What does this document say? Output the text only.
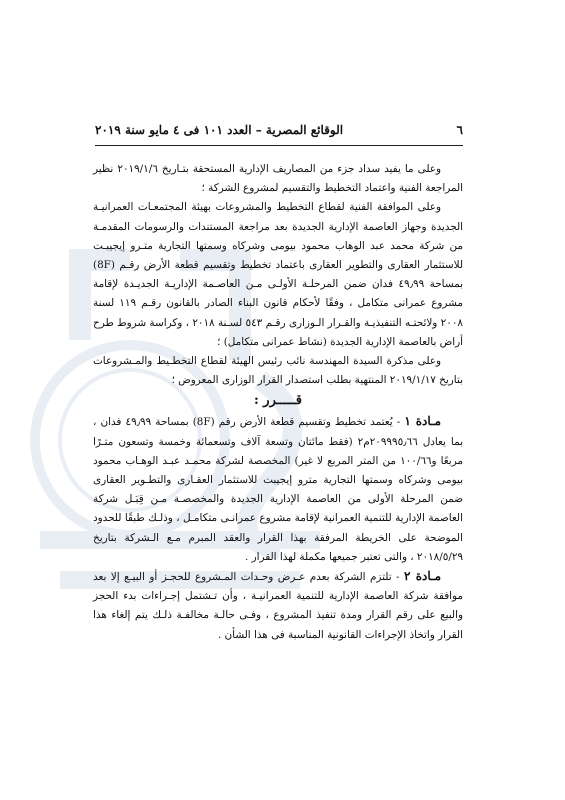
٦
الوقائع المصرية – العدد ١٠١ فى ٤ مايو سنة ٢٠١٩

وعلى ما يفيد سداد جزء من المصاريف الإدارية المستحقة بتـاريخ ٢٠١٩/١/٦ نظير المراجعة الفنية واعتماد التخطيط والتقسيم لمشروع الشركة ؛

وعلى الموافقة الفنية لقطاع التخطيط والمشروعات بهيئة المجتمعـات العمرانيـة الجديدة وجهاز العاصمة الإدارية الجديدة بعد مراجعة المستندات والرسومات المقدمـة من شركة محمد عبد الوهاب محمود بيومى وشركاه وسمتها التجارية متـرو إيجيبـت للاستثمار العقارى والتطوير العقارى باعتماد تخطيط وتقسيم قطعة الأرض رقـم (8F) بمساحة ٤٩٫٩٩ فدان ضمن المرحلـة الأولـى مـن العاصـمة الإداريـة الجديـدة لإقامة مشروع عمرانى متكامل ، وفقًا لأحكام قانون البناء الصادر بالقانون رقـم ١١٩ لسنة ٢٠٠٨ ولائحتـه التنفيذيـة والقـرار الـوزارى رقـم ٥٤٣ لسـنة ٢٠١٨ ، وكراسة شروط طرح أراض بالعاصمة الإدارية الجديدة (نشاط عمرانى متكامل) ؛

وعلى مذكرة السيدة المهندسة نائب رئيس الهيئة لقطاع التخطـيط والمـشروعات بتاريخ ٢٠١٩/١/١٧ المنتهية بطلب استصدار القرار الوزارى المعروض ؛

قـــــرر :

مـادة ١ - يُعتمد تخطيط وتقسيم قطعة الأرض رقم (8F) بمساحة ٤٩٫٩٩ فدان ، بما يعادل ٢٠٩٩٩٥٫٦٦م٢ (فقط مائتان وتسعة آلاف وتسعمائة وخمسة وتسعون متـرًا مربعًا و١٠٠/٦٦ من المتر المربع لا غير) المخصصة لشركة محمـد عبـد الوهـاب محمود بيومى وشركاه وسمتها التجارية مترو إيجيبت للاستثمار العقـارى والتطـوير العقارى ضمن المرحلة الأولى من العاصمة الإدارية الجديدة والمخصصـة مـن قِبَـل شركة العاصمة الإدارية للتنمية العمرانية لإقامة مشروع عمرانـى متكامـل ، وذلـك طبقًا للحدود الموضحة على الخريطة المرفقة بهذا القرار والعقد المبرم مـع الـشركة بتاريخ ٢٠١٨/٥/٢٩ ، والتى تعتبر جميعها مكملة لهذا القرار .

مـادة ٢ - تلتزم الشركة بعدم عـرض وحـدات المـشروع للحجـز أو البيـع إلا بعد موافقة شركة العاصمة الإدارية للتنمية العمرانيـة ، وأن تـشتمل إجـراءات بدء الحجز والبيع على رقم القرار ومدة تنفيذ المشروع ، وفـى حالـة مخالفـة ذلـك يتم إلغاء هذا القرار واتخاذ الإجراءات القانونية المناسبة فى هذا الشأن .
